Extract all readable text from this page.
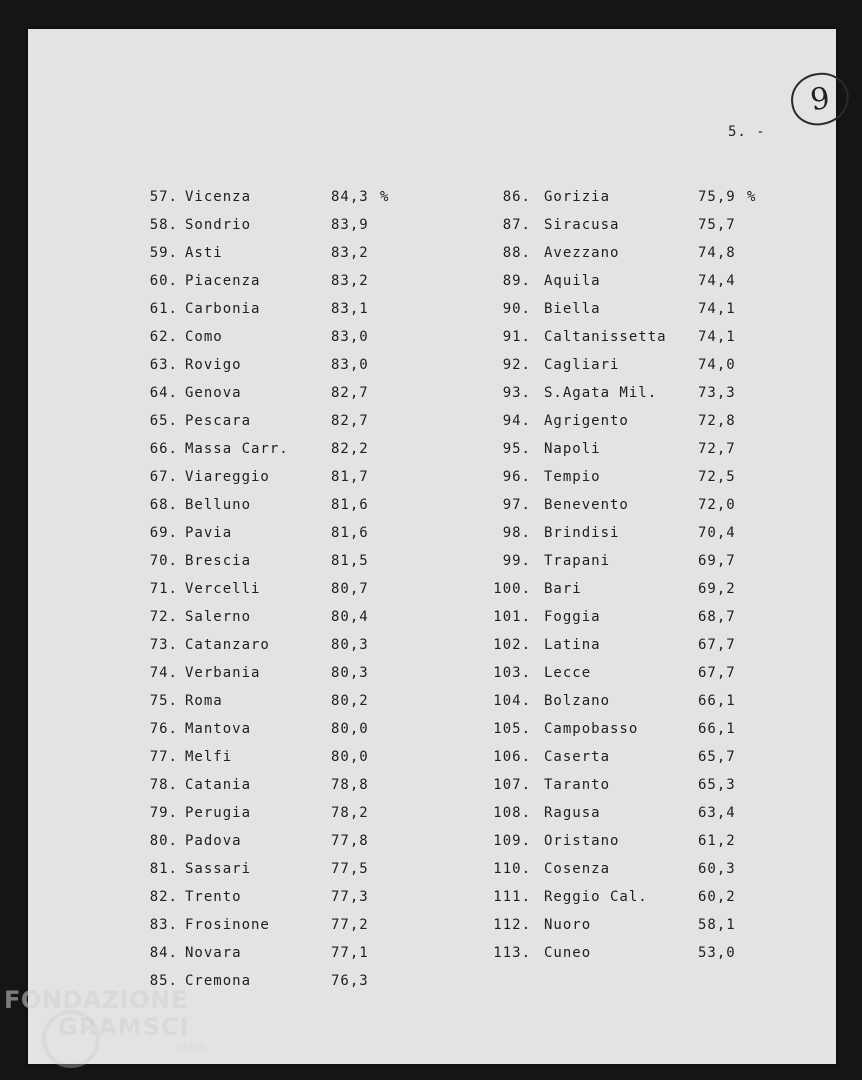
9
5. -
57. Vicenza	84,3 %
58. Sondrio	83,9
59. Asti	83,2
60. Piacenza	83,2
61. Carbonia	83,1
62. Como	83,0
63. Rovigo	83,0
64. Genova	82,7
65. Pescara	82,7
66. Massa Carr.	82,2
67. Viareggio	81,7
68. Belluno	81,6
69. Pavia	81,6
70. Brescia	81,5
71. Vercelli	80,7
72. Salerno	80,4
73. Catanzaro	80,3
74. Verbania	80,3
75. Roma	80,2
76. Mantova	80,0
77. Melfi	80,0
78. Catania	78,8
79. Perugia	78,2
80. Padova	77,8
81. Sassari	77,5
82. Trento	77,3
83. Frosinone	77,2
84. Novara	77,1
85. Cremona	76,3
86. Gorizia	75,9 %
87. Siracusa	75,7
88. Avezzano	74,8
89. Aquila	74,4
90. Biella	74,1
91. Caltanissetta 74,1
92. Cagliari	74,0
93. S.Agata Mil.	73,3
94. Agrigento	72,8
95. Napoli	72,7
96. Tempio	72,5
97. Benevento	72,0
98. Brindisi	70,4
99. Trapani	69,7
100. Bari	69,2
101. Foggia	68,7
102. Latina	67,7
103. Lecce	67,7
104. Bolzano	66,1
105. Campobasso	66,1
106. Caserta	65,7
107. Taranto	65,3
108. Ragusa	63,4
109. Oristano	61,2
110. Cosenza	60,3
111. Reggio Cal.	60,2
112. Nuoro	58,1
113. Cuneo	53,0
FONDAZIONE
GRAMSCI
onlus
